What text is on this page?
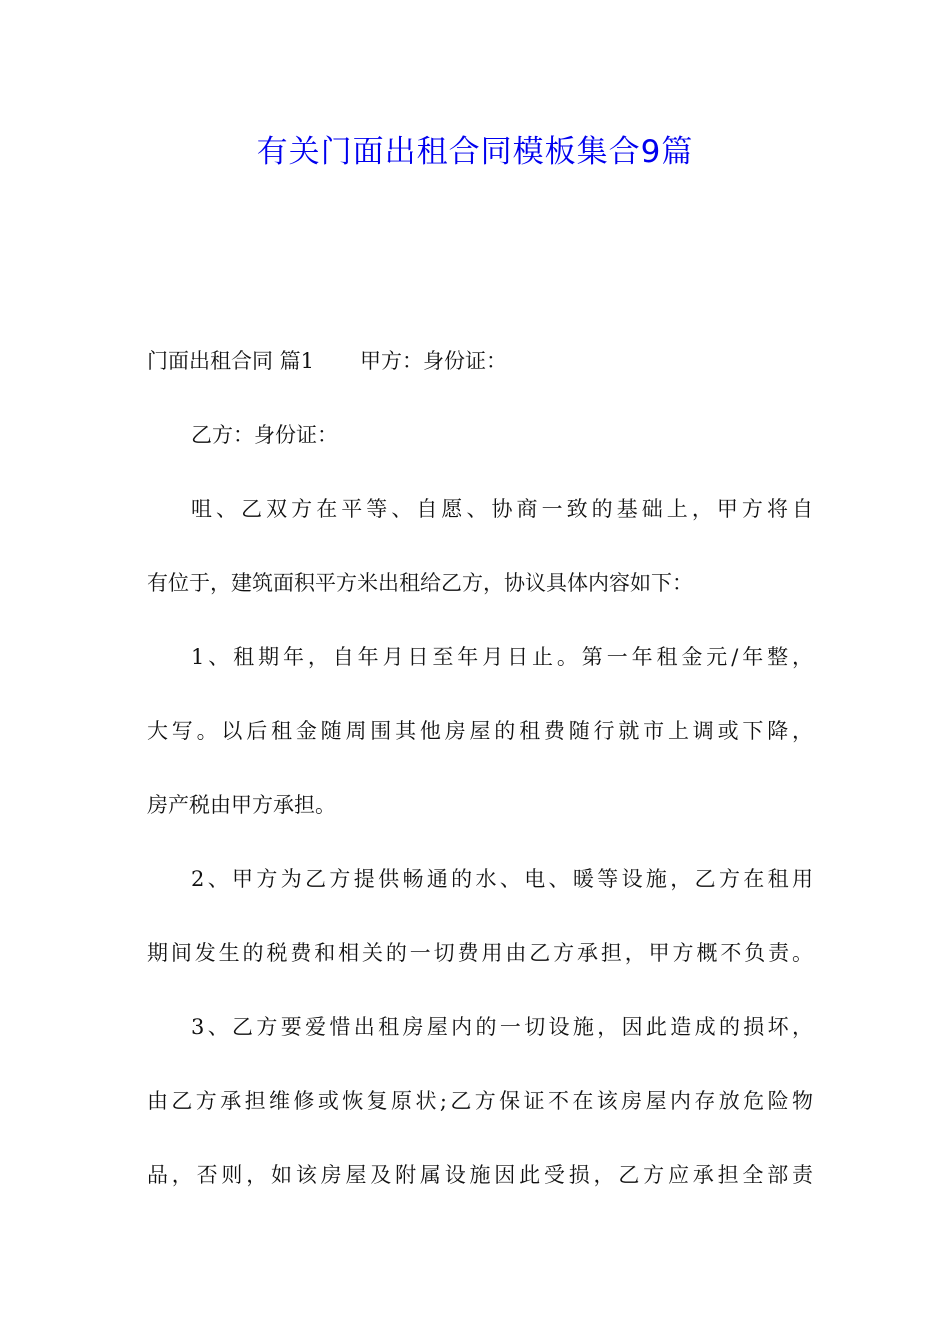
有关门面出租合同模板集合9篇
门面出租合同 篇1 甲方：身份证：
乙方：身份证：
咀、乙双方在平等、自愿、协商一致的基础上，甲方将自
有位于，建筑面积平方米出租给乙方，协议具体内容如下：
1、租期年，自年月日至年月日止。第一年租金元/年整，
大写。以后租金随周围其他房屋的租费随行就市上调或下降，
房产税由甲方承担。
2、甲方为乙方提供畅通的水、电、暖等设施，乙方在租用
期间发生的税费和相关的一切费用由乙方承担，甲方概不负责。
3、乙方要爱惜出租房屋内的一切设施，因此造成的损坏，
由乙方承担维修或恢复原状;乙方保证不在该房屋内存放危险物
品，否则，如该房屋及附属设施因此受损，乙方应承担全部责
